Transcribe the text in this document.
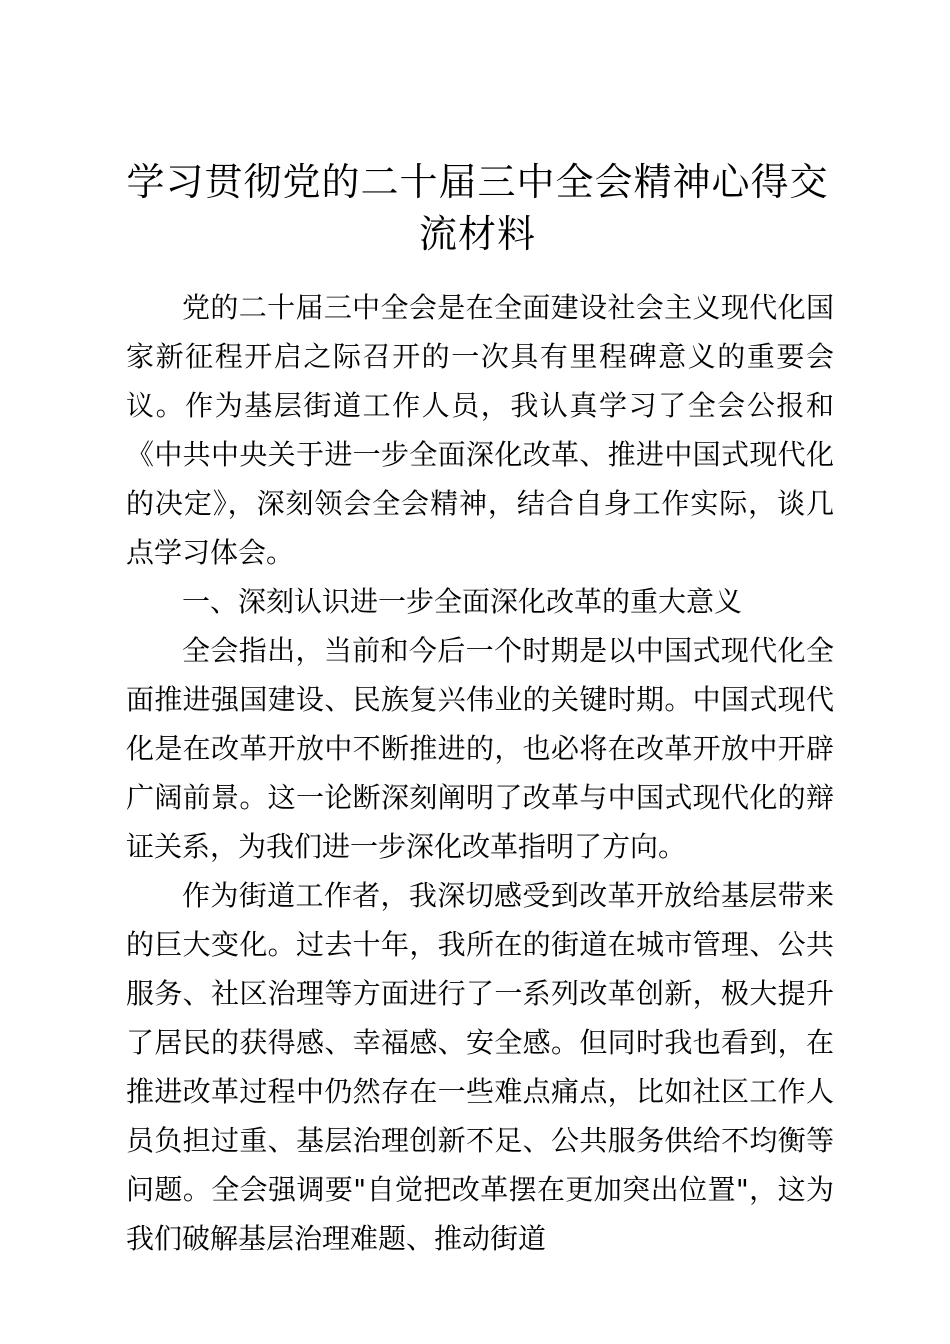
学习贯彻党的二十届三中全会精神心得交流材料

党的二十届三中全会是在全面建设社会主义现代化国家新征程开启之际召开的一次具有里程碑意义的重要会议。作为基层街道工作人员，我认真学习了全会公报和《中共中央关于进一步全面深化改革、推进中国式现代化的决定》，深刻领会全会精神，结合自身工作实际，谈几点学习体会。

一、深刻认识进一步全面深化改革的重大意义

全会指出，当前和今后一个时期是以中国式现代化全面推进强国建设、民族复兴伟业的关键时期。中国式现代化是在改革开放中不断推进的，也必将在改革开放中开辟广阔前景。这一论断深刻阐明了改革与中国式现代化的辩证关系，为我们进一步深化改革指明了方向。

作为街道工作者，我深切感受到改革开放给基层带来的巨大变化。过去十年，我所在的街道在城市管理、公共服务、社区治理等方面进行了一系列改革创新，极大提升了居民的获得感、幸福感、安全感。但同时我也看到，在推进改革过程中仍然存在一些难点痛点，比如社区工作人员负担过重、基层治理创新不足、公共服务供给不均衡等问题。全会强调要"自觉把改革摆在更加突出位置"，这为我们破解基层治理难题、推动街道
